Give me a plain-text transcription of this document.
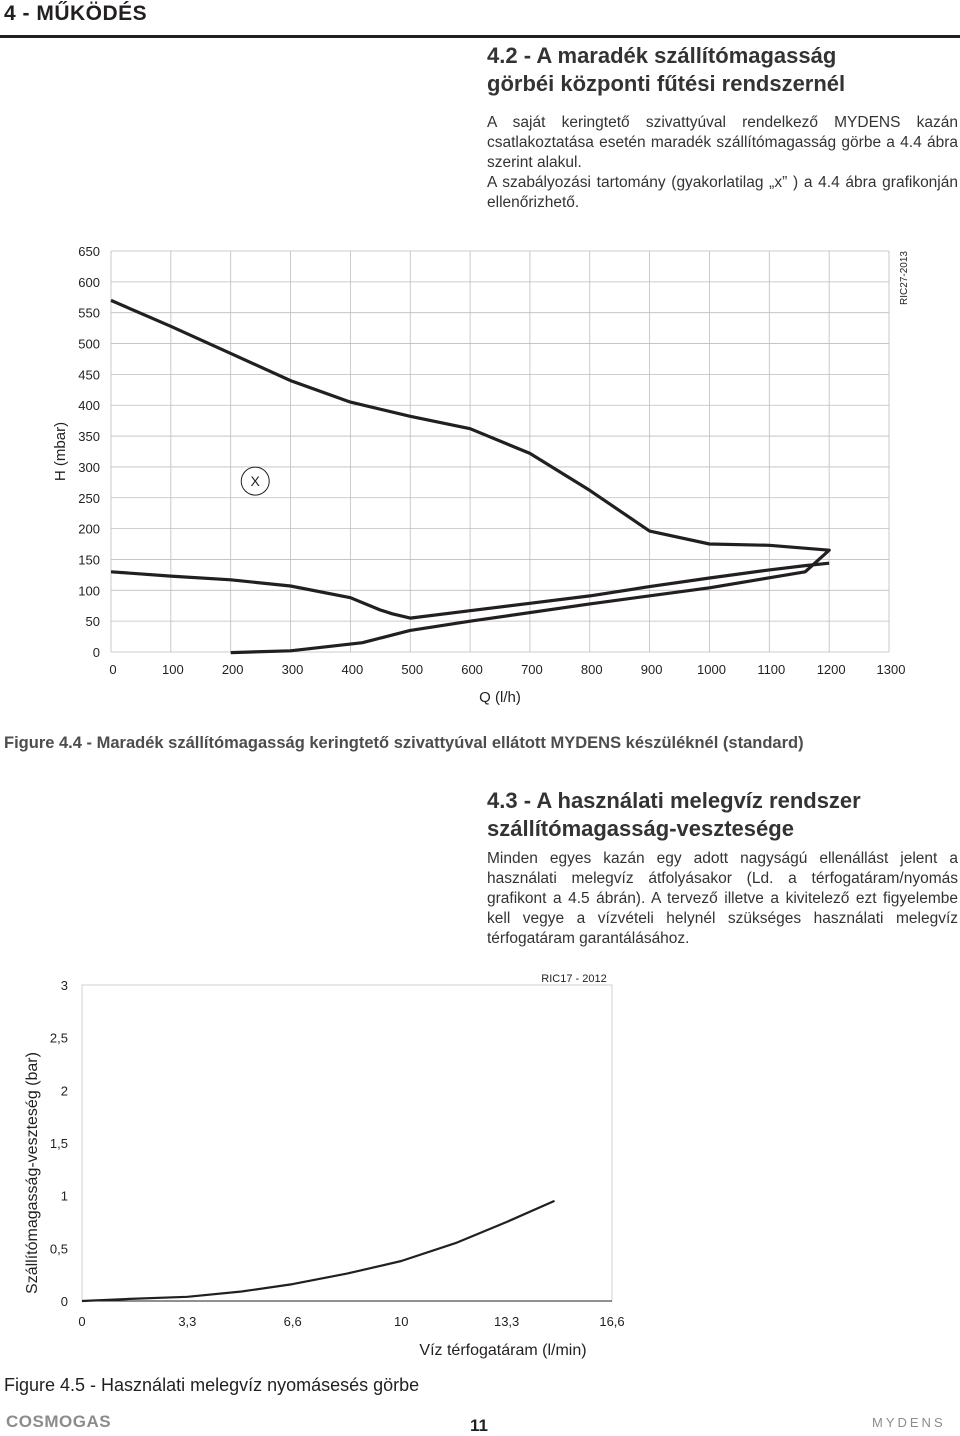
4 - MŰKÖDÉS
4.2 - A maradék szállítómagasság
görbéi központi fűtési rendszernél

A saját keringtető szivattyúval rendelkező MYDENS kazán csatlakoztatása esetén maradék szállítómagasság görbe a 4.4 ábra szerint alakul.

A szabályozási tartomány (gyakorlatilag „x” ) a 4.4 ábra grafikonján ellenőrizhető.

0
50
100
150
200
250
300
350
400
450
500
550
600
650
0	100	200	300	400	500	600	700	800	900	1000 1100 1200 1300
X
RIC27-2013
Q (l/h)
H (mbar)
Figure 4.4 - Maradék szállítómagasság keringtető szivattyúval ellátott MYDENS készüléknél (standard)
4.3 - A használati melegvíz rendszer
szállítómagasság-vesztesége

Minden egyes kazán egy adott nagyságú ellenállást jelent a használati melegvíz átfolyásakor (Ld. a térfogatáram/nyomás grafikont a 4.5 ábrán). A tervező illetve a kivitelező ezt figyelembe kell vegye a vízvételi helynél szükséges használati melegvíz térfogatáram garantálásához.

0
0,5
1
1,5
2
2,5
3
0	3,3	6,6	10	13,3	16,6
RIC17 - 2012
Víz térfogatáram (l/min)
Szállítómagasság-veszteség (bar)
Figure 4.5 - Használati melegvíz nyomásesés görbe
COSMOGAS	11	MYDENS
